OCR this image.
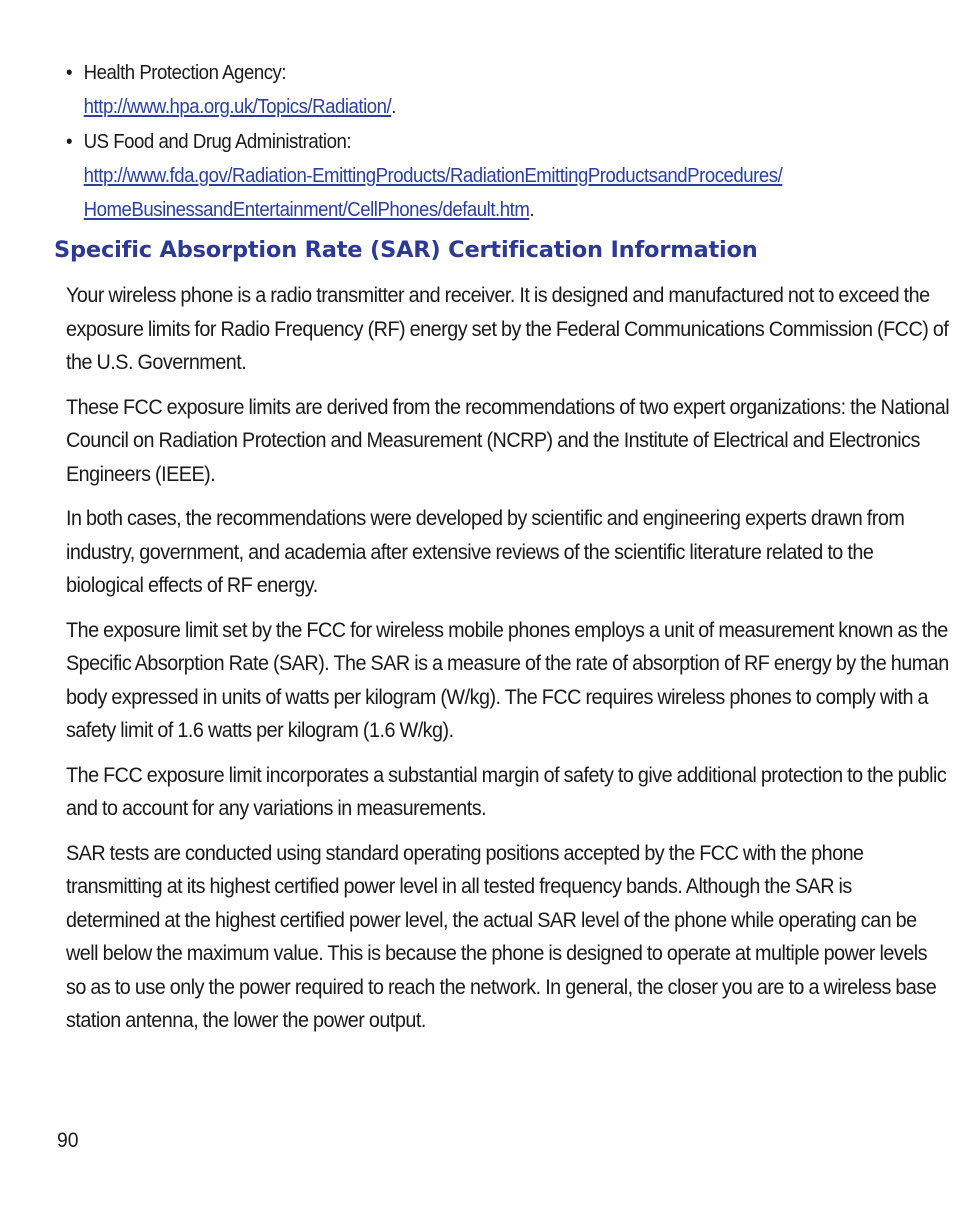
• Health Protection Agency:
http://www.hpa.org.uk/Topics/Radiation/.
• US Food and Drug Administration:
http://www.fda.gov/Radiation-EmittingProducts/RadiationEmittingProductsandProcedures/
HomeBusinessandEntertainment/CellPhones/default.htm.
Specific Absorption Rate (SAR) Certification Information

Your wireless phone is a radio transmitter and receiver. It is designed and manufactured not to exceed the exposure limits for Radio Frequency (RF) energy set by the Federal Communications Commission (FCC) of the U.S. Government.

These FCC exposure limits are derived from the recommendations of two expert organizations: the National Council on Radiation Protection and Measurement (NCRP) and the Institute of Electrical and Electronics Engineers (IEEE).

In both cases, the recommendations were developed by scientific and engineering experts drawn from industry, government, and academia after extensive reviews of the scientific literature related to the biological effects of RF energy.

The exposure limit set by the FCC for wireless mobile phones employs a unit of measurement known as the Specific Absorption Rate (SAR). The SAR is a measure of the rate of absorption of RF energy by the human body expressed in units of watts per kilogram (W/kg). The FCC requires wireless phones to comply with a safety limit of 1.6 watts per kilogram (1.6 W/kg).

The FCC exposure limit incorporates a substantial margin of safety to give additional protection to the public and to account for any variations in measurements.

SAR tests are conducted using standard operating positions accepted by the FCC with the phone transmitting at its highest certified power level in all tested frequency bands. Although the SAR is determined at the highest certified power level, the actual SAR level of the phone while operating can be well below the maximum value. This is because the phone is designed to operate at multiple power levels so as to use only the power required to reach the network. In general, the closer you are to a wireless base station antenna, the lower the power output.

90
